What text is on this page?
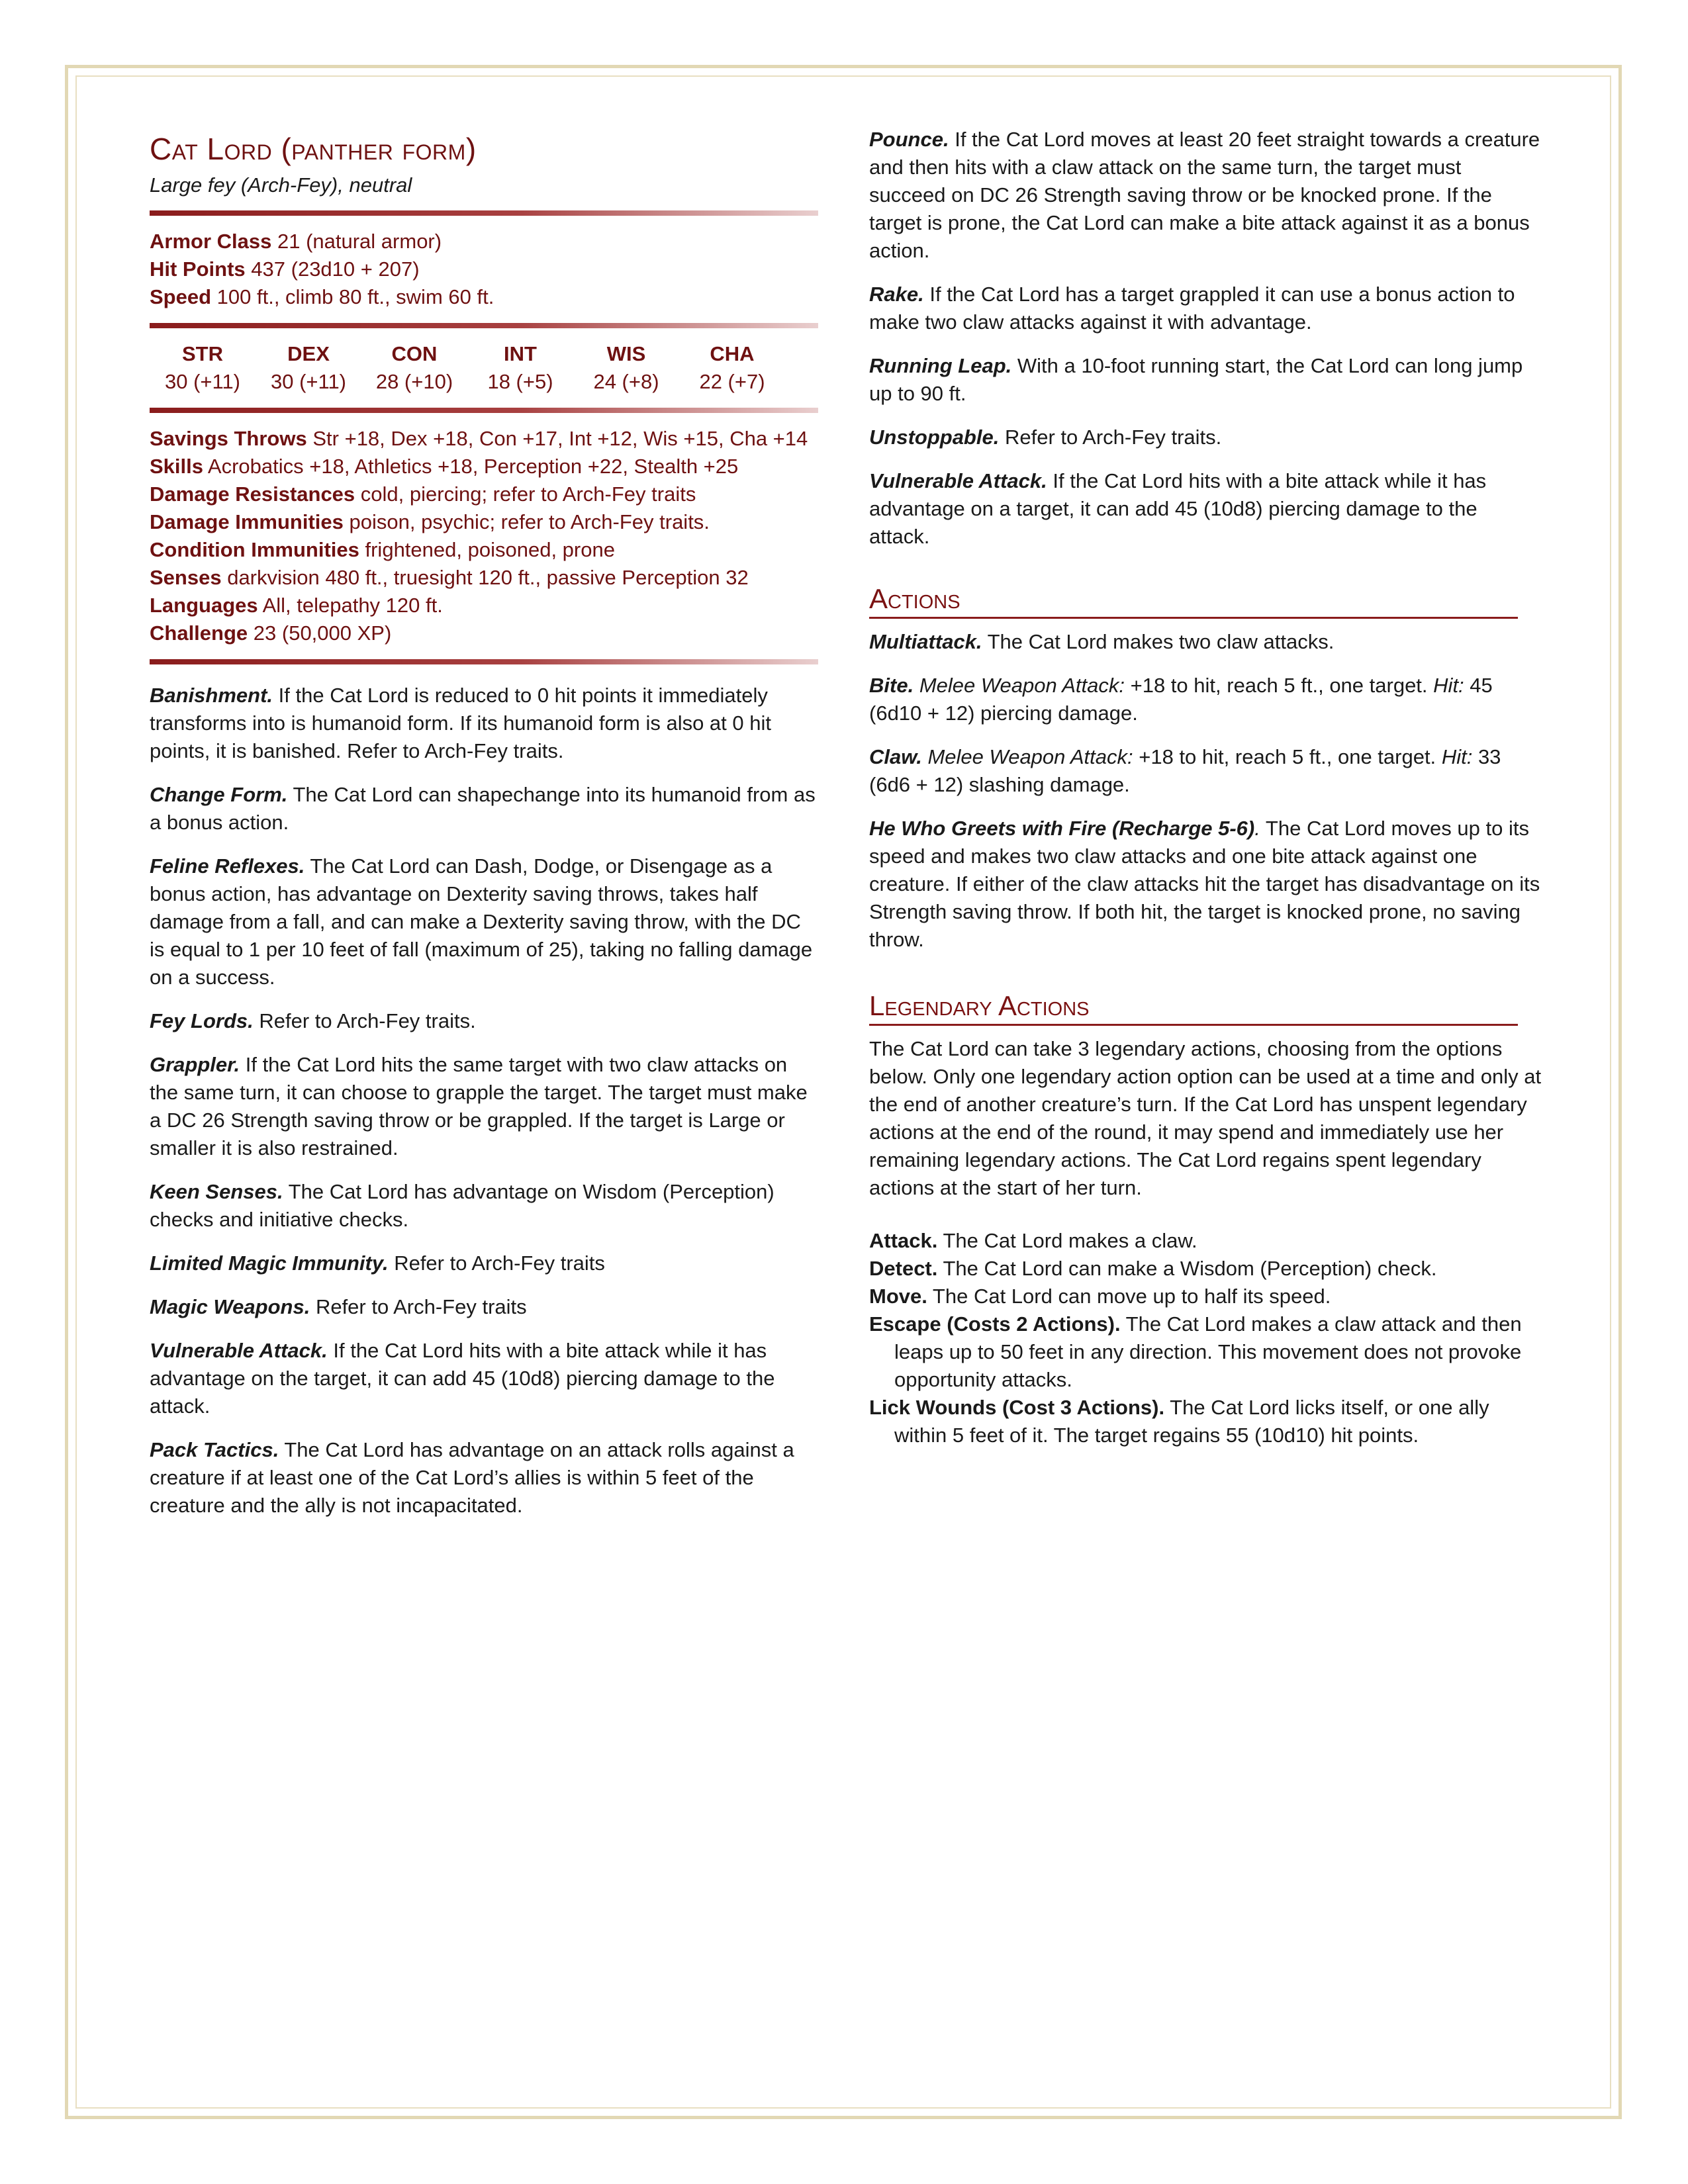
Cat Lord (panther form)

Large fey (Arch-Fey), neutral

Armor Class 21 (natural armor)
Hit Points 437 (23d10 + 207)
Speed 100 ft., climb 80 ft., swim 60 ft.
STR
30 (+11)
DEX
30 (+11)
CON
28 (+10)
INT
18 (+5)
WIS
24 (+8)
CHA
22 (+7)
Savings Throws Str +18, Dex +18, Con +17, Int +12, Wis +15, Cha +14
Skills Acrobatics +18, Athletics +18, Perception +22, Stealth +25
Damage Resistances cold, piercing; refer to Arch-Fey traits
Damage Immunities poison, psychic; refer to Arch-Fey traits.
Condition Immunities frightened, poisoned, prone
Senses darkvision 480 ft., truesight 120 ft., passive Perception 32
Languages All, telepathy 120 ft.
Challenge 23 (50,000 XP)

Banishment. If the Cat Lord is reduced to 0 hit points it immediately transforms into is humanoid form. If its humanoid form is also at 0 hit points, it is banished. Refer to Arch-Fey traits.

Change Form. The Cat Lord can shapechange into its humanoid from as a bonus action.

Feline Reflexes. The Cat Lord can Dash, Dodge, or Disengage as a bonus action, has advantage on Dexterity saving throws, takes half damage from a fall, and can make a Dexterity saving throw, with the DC is equal to 1 per 10 feet of fall (maximum of 25), taking no falling damage on a success.

Fey Lords. Refer to Arch-Fey traits.

Grappler. If the Cat Lord hits the same target with two claw attacks on the same turn, it can choose to grapple the target. The target must make a DC 26 Strength saving throw or be grappled. If the target is Large or smaller it is also restrained.

Keen Senses. The Cat Lord has advantage on Wisdom (Perception) checks and initiative checks.

Limited Magic Immunity. Refer to Arch-Fey traits

Magic Weapons. Refer to Arch-Fey traits

Vulnerable Attack. If the Cat Lord hits with a bite attack while it has advantage on the target, it can add 45 (10d8) piercing damage to the attack.

Pack Tactics. The Cat Lord has advantage on an attack rolls against a creature if at least one of the Cat Lord’s allies is within 5 feet of the creature and the ally is not incapacitated.

Pounce. If the Cat Lord moves at least 20 feet straight towards a creature and then hits with a claw attack on the same turn, the target must succeed on DC 26 Strength saving throw or be knocked prone. If the target is prone, the Cat Lord can make a bite attack against it as a bonus action.

Rake. If the Cat Lord has a target grappled it can use a bonus action to make two claw attacks against it with advantage.

Running Leap. With a 10-foot running start, the Cat Lord can long jump up to 90 ft.

Unstoppable. Refer to Arch-Fey traits.

Vulnerable Attack. If the Cat Lord hits with a bite attack while it has advantage on a target, it can add 45 (10d8) piercing damage to the attack.

Actions

Multiattack. The Cat Lord makes two claw attacks.

Bite. Melee Weapon Attack: +18 to hit, reach 5 ft., one target. Hit: 45 (6d10 + 12) piercing damage.

Claw. Melee Weapon Attack: +18 to hit, reach 5 ft., one target. Hit: 33 (6d6 + 12) slashing damage.

He Who Greets with Fire (Recharge 5-6). The Cat Lord moves up to its speed and makes two claw attacks and one bite attack against one creature. If either of the claw attacks hit the target has disadvantage on its Strength saving throw. If both hit, the target is knocked prone, no saving throw.

Legendary Actions

The Cat Lord can take 3 legendary actions, choosing from the options below. Only one legendary action option can be used at a time and only at the end of another creature’s turn. If the Cat Lord has unspent legendary actions at the end of the round, it may spend and immediately use her remaining legendary actions. The Cat Lord regains spent legendary actions at the start of her turn.

Attack. The Cat Lord makes a claw.
Detect. The Cat Lord can make a Wisdom (Perception) check.
Move. The Cat Lord can move up to half its speed.
Escape (Costs 2 Actions). The Cat Lord makes a claw attack and then leaps up to 50 feet in any direction. This movement does not provoke opportunity attacks.
Lick Wounds (Cost 3 Actions). The Cat Lord licks itself, or one ally within 5 feet of it. The target regains 55 (10d10) hit points.
